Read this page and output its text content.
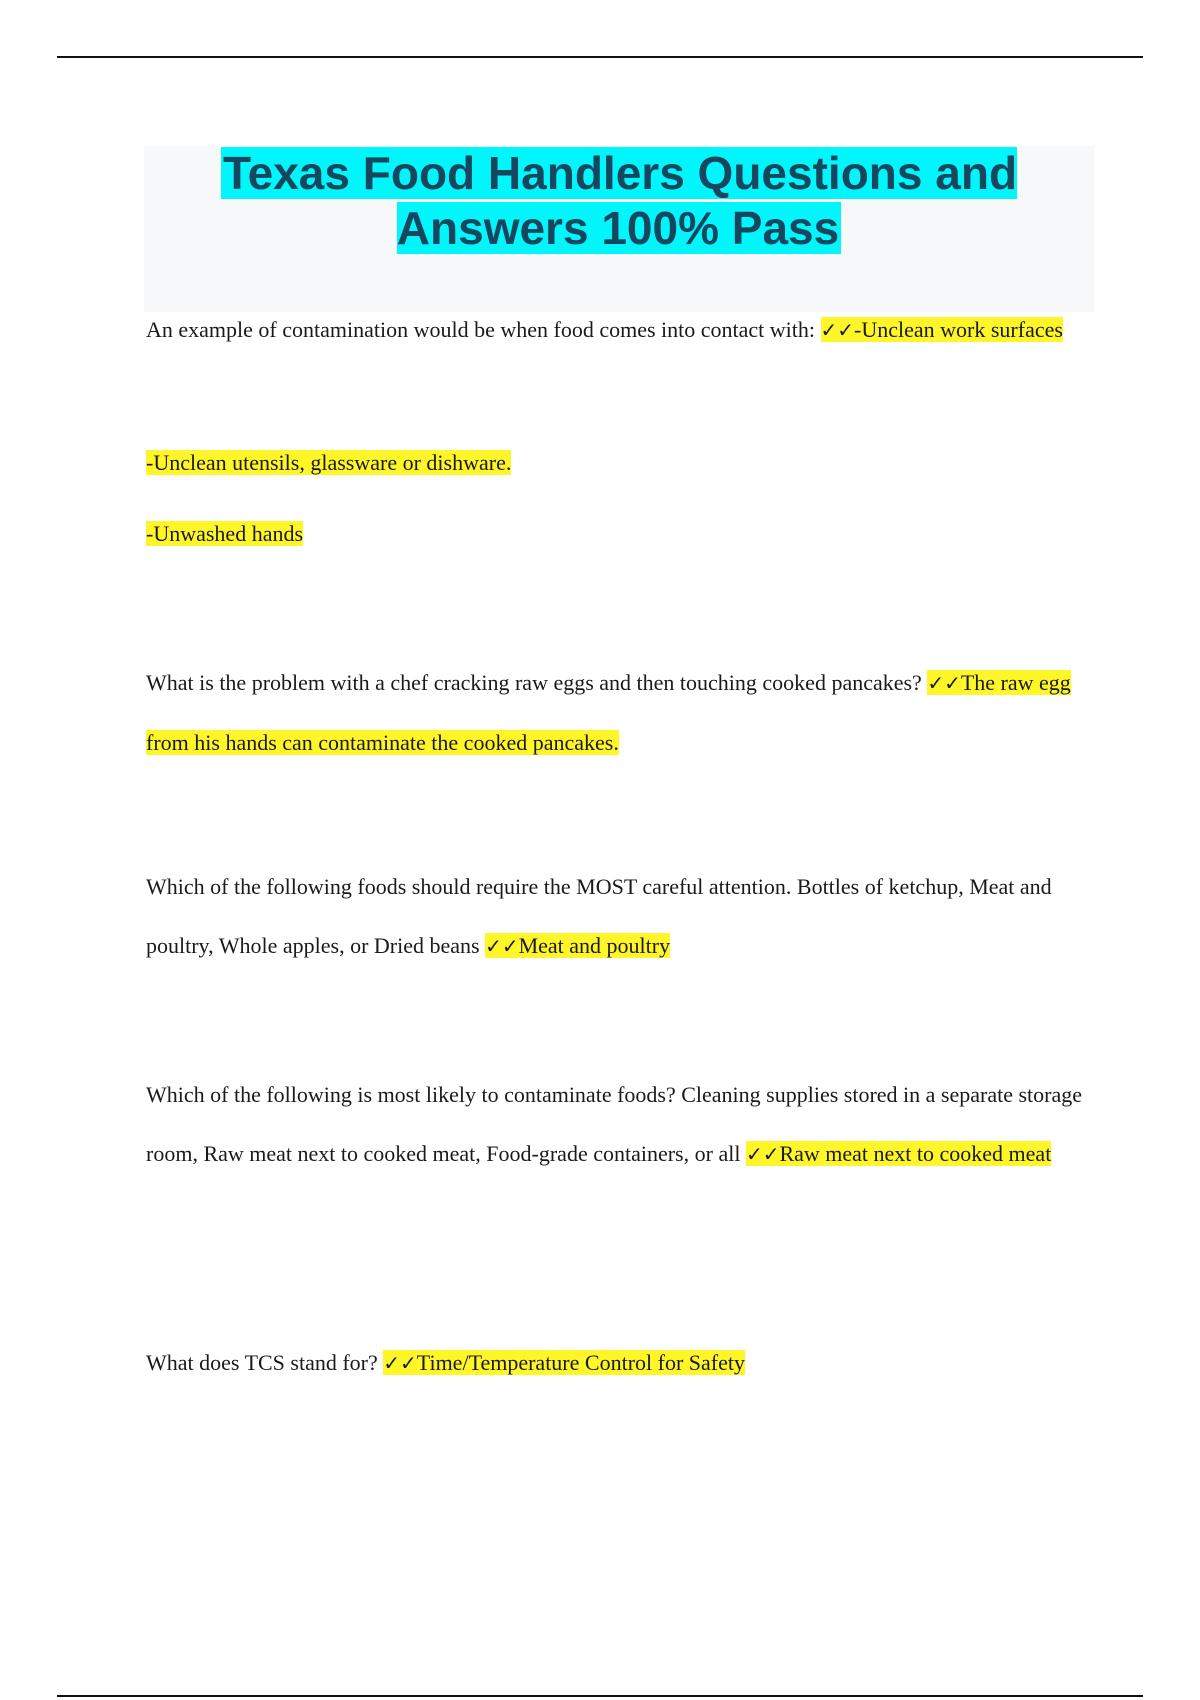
Texas Food Handlers Questions and Answers 100% Pass

An example of contamination would be when food comes into contact with: ✓✓-Unclean work surfaces

-Unclean utensils, glassware or dishware.

-Unwashed hands

What is the problem with a chef cracking raw eggs and then touching cooked pancakes? ✓✓The raw egg from his hands can contaminate the cooked pancakes.

Which of the following foods should require the MOST careful attention. Bottles of ketchup, Meat and poultry, Whole apples, or Dried beans ✓✓Meat and poultry

Which of the following is most likely to contaminate foods? Cleaning supplies stored in a separate storage room, Raw meat next to cooked meat, Food-grade containers, or all ✓✓Raw meat next to cooked meat

What does TCS stand for? ✓✓Time/Temperature Control for Safety
